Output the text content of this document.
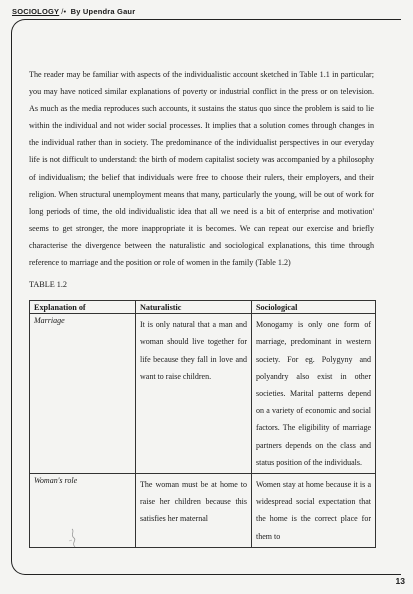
SOCIOLOGY /• By Upendra Gaur

The reader may be familiar with aspects of the individualistic account sketched in Table 1.1 in particular; you may have noticed similar explanations of poverty or industrial conflict in the press or on television. As much as the media reproduces such accounts, it sustains the status quo since the problem is said to lie within the individual and not wider social processes. It implies that a solution comes through changes in the individual rather than in society. The predominance of the individualist perspectives in our everyday life is not difficult to understand: the birth of modern capitalist society was accompanied by a philosophy of individualism; the belief that individuals were free to choose their rulers, their employers, and their religion. When structural unemployment means that many, particularly the young, will be out of work for long periods of time, the old individualistic idea that all we need is a bit of enterprise and motivation' seems to get stronger, the more inappropriate it is becomes. We can repeat our exercise and briefly characterise the divergence between the naturalistic and sociological explanations, this time through reference to marriage and the position or role of women in the family (Table 1.2)

TABLE 1.2

Explanation of	Naturalistic	Sociological
Marriage	It is only natural that a man and woman should live together for life because they fall in love and want to raise children.	Monogamy is only one form of marriage, predominant in western society. For eg. Polygyny and polyandry also exist in other societies. Marital patterns depend on a variety of economic and social factors. The eligibility of marriage partners depends on the class and status position of the individuals.
Woman's role	The woman must be at home to raise her children because this satisfies her maternal	Women stay at home because it is a widespread social expectation that the home is the correct place for them to
13
